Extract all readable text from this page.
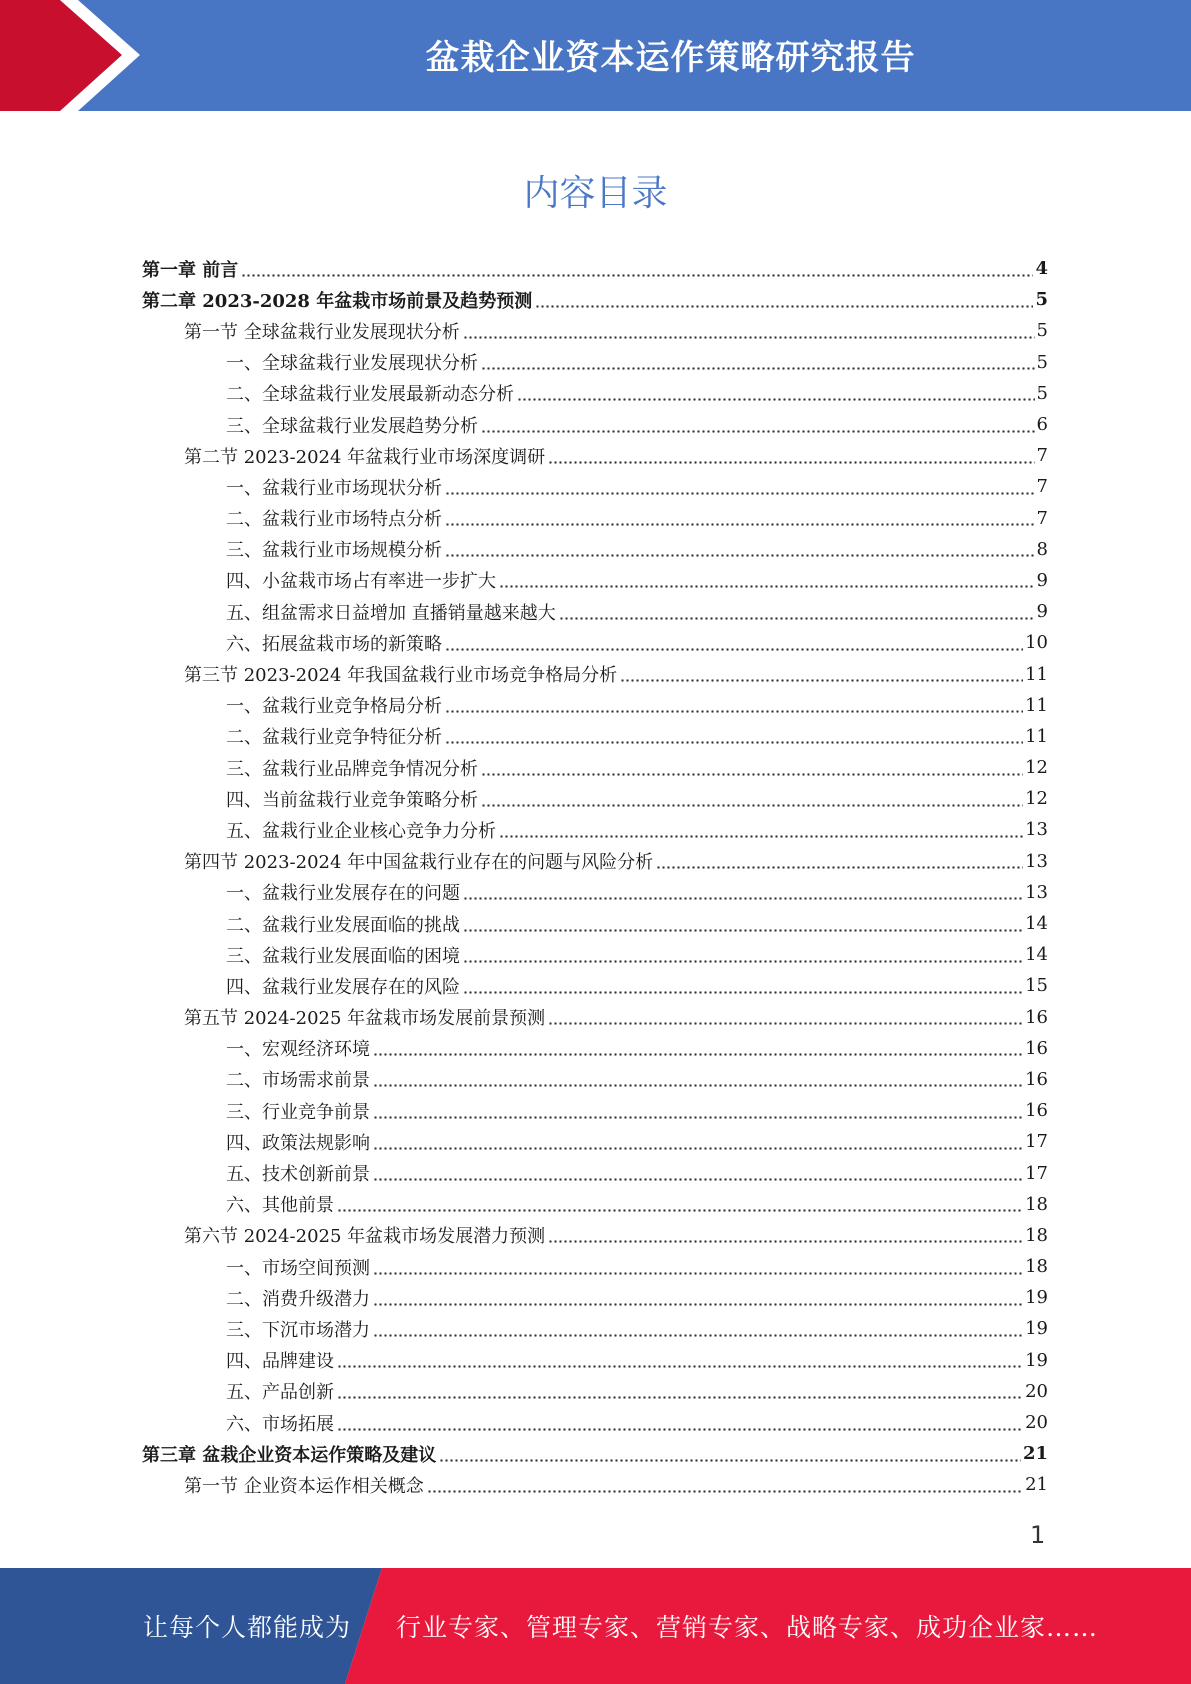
盆栽企业资本运作策略研究报告
内容目录
第一章 前言	4
第二章 2023-2028 年盆栽市场前景及趋势预测	5
第一节 全球盆栽行业发展现状分析	5
一、全球盆栽行业发展现状分析	5
二、全球盆栽行业发展最新动态分析	5
三、全球盆栽行业发展趋势分析	6
第二节 2023-2024 年盆栽行业市场深度调研	7
一、盆栽行业市场现状分析	7
二、盆栽行业市场特点分析	7
三、盆栽行业市场规模分析	8
四、小盆栽市场占有率进一步扩大	9
五、组盆需求日益增加 直播销量越来越大	9
六、拓展盆栽市场的新策略	10
第三节 2023-2024 年我国盆栽行业市场竞争格局分析	11
一、盆栽行业竞争格局分析	11
二、盆栽行业竞争特征分析	11
三、盆栽行业品牌竞争情况分析	12
四、当前盆栽行业竞争策略分析	12
五、盆栽行业企业核心竞争力分析	13
第四节 2023-2024 年中国盆栽行业存在的问题与风险分析	13
一、盆栽行业发展存在的问题	13
二、盆栽行业发展面临的挑战	14
三、盆栽行业发展面临的困境	14
四、盆栽行业发展存在的风险	15
第五节 2024-2025 年盆栽市场发展前景预测	16
一、宏观经济环境	16
二、市场需求前景	16
三、行业竞争前景	16
四、政策法规影响	17
五、技术创新前景	17
六、其他前景	18
第六节 2024-2025 年盆栽市场发展潜力预测	18
一、市场空间预测	18
二、消费升级潜力	19
三、下沉市场潜力	19
四、品牌建设	19
五、产品创新	20
六、市场拓展	20
第三章 盆栽企业资本运作策略及建议	21
第一节 企业资本运作相关概念	21
1
让每个人都能成为 行业专家、管理专家、营销专家、战略专家、成功企业家……
